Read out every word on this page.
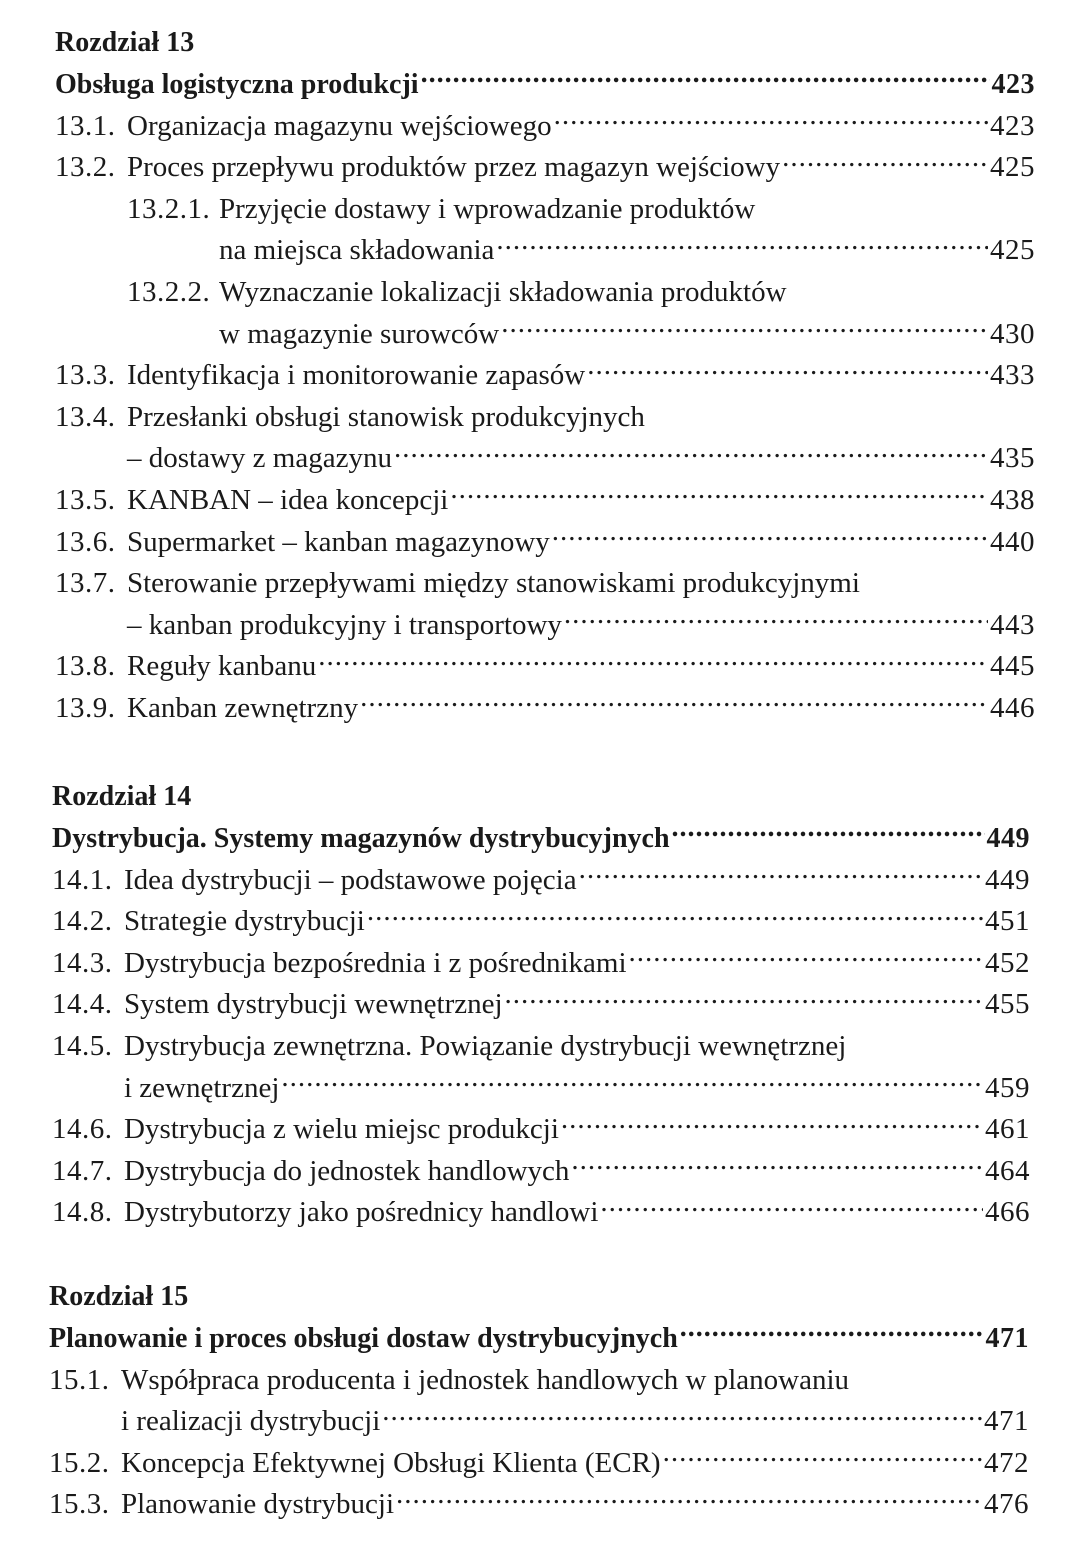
Rozdział 13
Obsługa logistyczna produkcji .....	423
13.1. Organizacja magazynu wejściowego .....	423
13.2. Proces przepływu produktów przez magazyn wejściowy .....	425
13.2.1. Przyjęcie dostawy i wprowadzanie produktów
na miejsca składowania .....	425
13.2.2. Wyznaczanie lokalizacji składowania produktów
w magazynie surowców .....	430
13.3. Identyfikacja i monitorowanie zapasów .....	433
13.4. Przesłanki obsługi stanowisk produkcyjnych
– dostawy z magazynu .....	435
13.5. KANBAN – idea koncepcji .....	438
13.6. Supermarket – kanban magazynowy .....	440
13.7. Sterowanie przepływami między stanowiskami produkcyjnymi
– kanban produkcyjny i transportowy .....	443
13.8. Reguły kanbanu .....	445
13.9. Kanban zewnętrzny .....	446
Rozdział 14
Dystrybucja. Systemy magazynów dystrybucyjnych .....	449
14.1. Idea dystrybucji – podstawowe pojęcia .....	449
14.2. Strategie dystrybucji .....	451
14.3. Dystrybucja bezpośrednia i z pośrednikami .....	452
14.4. System dystrybucji wewnętrznej .....	455
14.5. Dystrybucja zewnętrzna. Powiązanie dystrybucji wewnętrznej
i zewnętrznej .....	459
14.6. Dystrybucja z wielu miejsc produkcji .....	461
14.7. Dystrybucja do jednostek handlowych .....	464
14.8. Dystrybutorzy jako pośrednicy handlowi .....	466
Rozdział 15
Planowanie i proces obsługi dostaw dystrybucyjnych .....	471
15.1. Współpraca producenta i jednostek handlowych w planowaniu
i realizacji dystrybucji .....	471
15.2. Koncepcja Efektywnej Obsługi Klienta (ECR) .....	472
15.3. Planowanie dystrybucji .....	476
